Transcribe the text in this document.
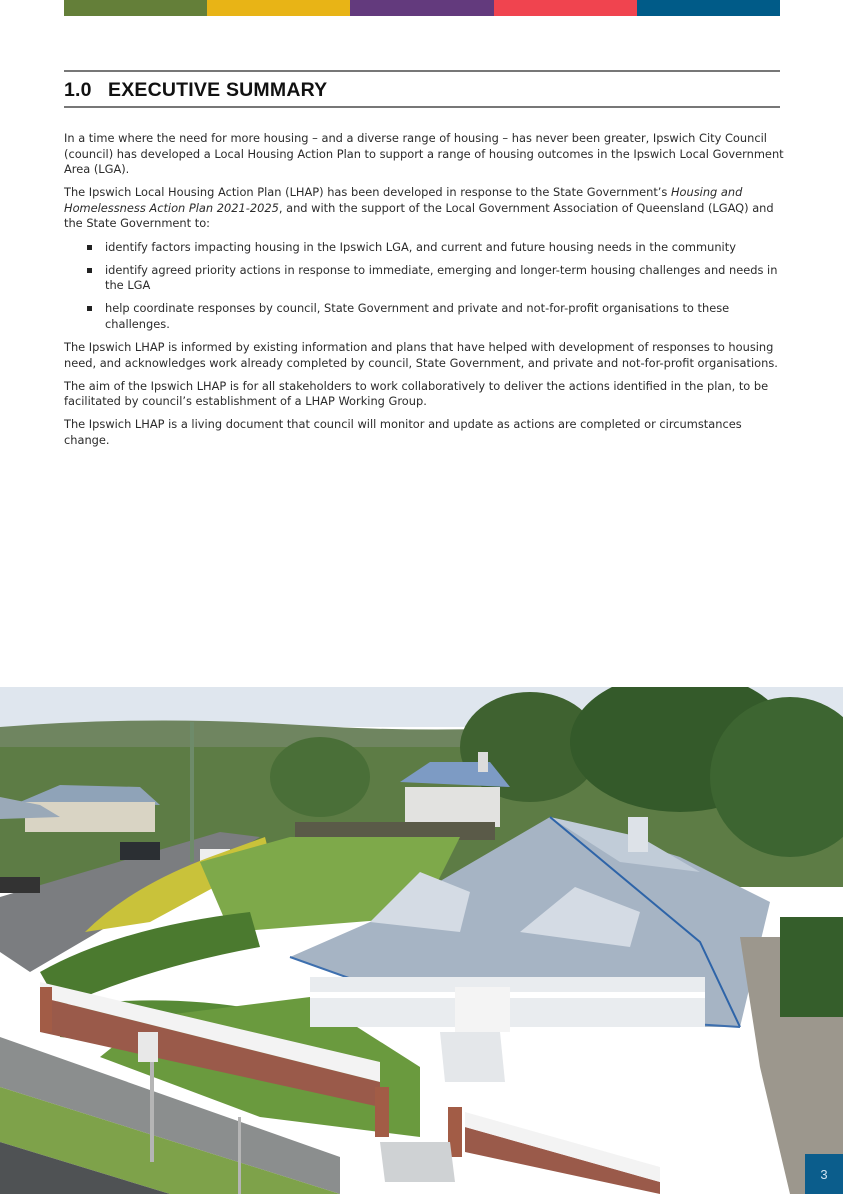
1.0 EXECUTIVE SUMMARY

In a time where the need for more housing – and a diverse range of housing – has never been greater, Ipswich City Council (council) has developed a Local Housing Action Plan to support a range of housing outcomes in the Ipswich Local Government Area (LGA).

The Ipswich Local Housing Action Plan (LHAP) has been developed in response to the State Government’s Housing and Homelessness Action Plan 2021-2025, and with the support of the Local Government Association of Queensland (LGAQ) and the State Government to:

identify factors impacting housing in the Ipswich LGA, and current and future housing needs in the community
identify agreed priority actions in response to immediate, emerging and longer-term housing challenges and needs in the LGA
help coordinate responses by council, State Government and private and not-for-profit organisations to these challenges.

The Ipswich LHAP is informed by existing information and plans that have helped with development of responses to housing need, and acknowledges work already completed by council, State Government, and private and not-for-profit organisations.

The aim of the Ipswich LHAP is for all stakeholders to work collaboratively to deliver the actions identified in the plan, to be facilitated by council’s establishment of a LHAP Working Group.

The Ipswich LHAP is a living document that council will monitor and update as actions are completed or circumstances change.

3
